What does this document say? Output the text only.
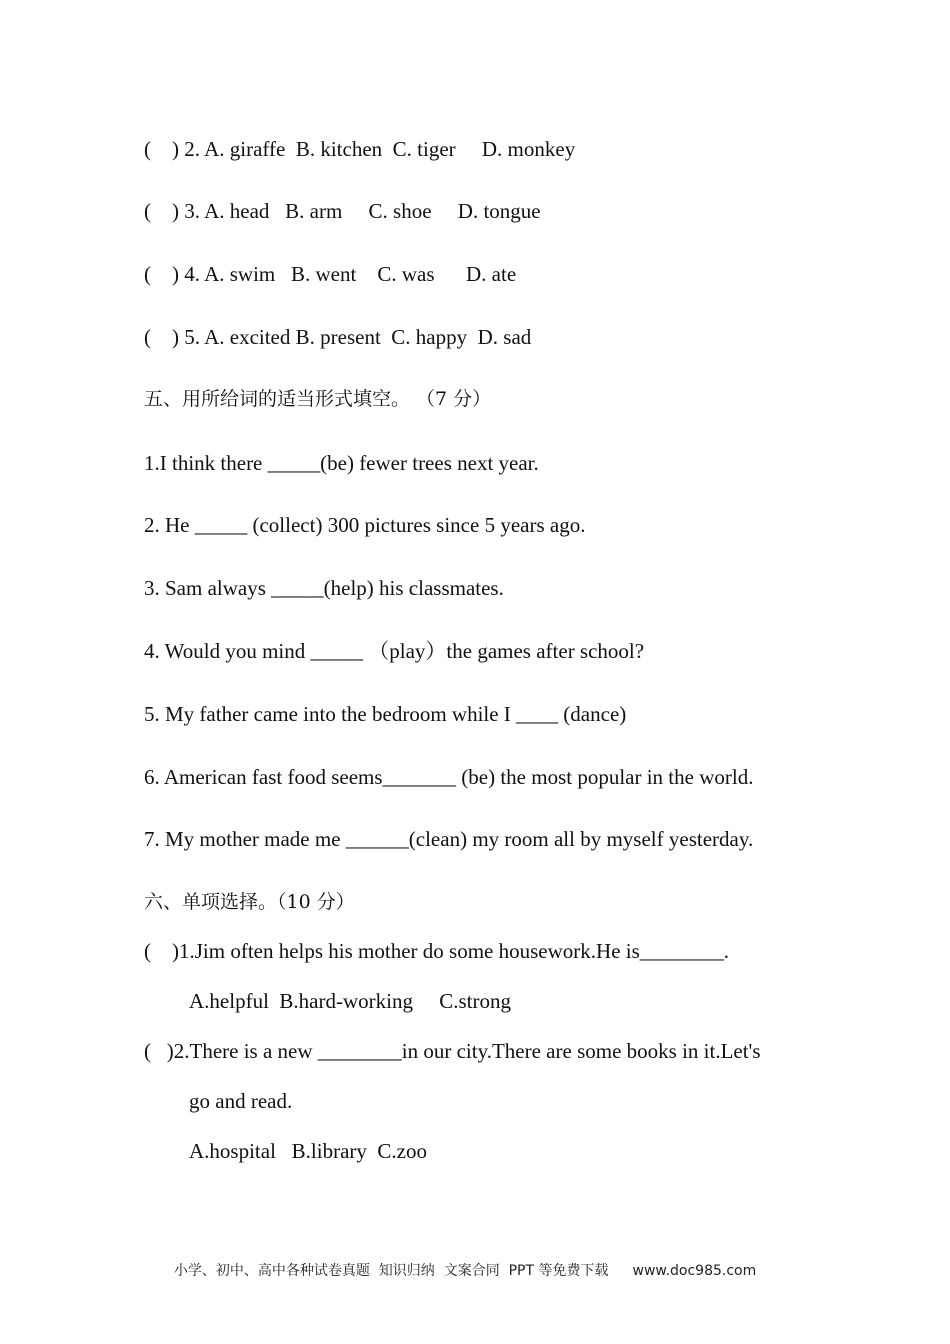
(    ) 2. A. giraffe  B. kitchen  C. tiger     D. monkey
(    ) 3. A. head   B. arm     C. shoe     D. tongue
(    ) 4. A. swim   B. went    C. was      D. ate
(    ) 5. A. excited B. present  C. happy  D. sad
五、用所给词的适当形式填空。 （7 分）
1.I think there _____(be) fewer trees next year.
2. He _____ (collect) 300 pictures since 5 years ago.
3. Sam always _____(help) his classmates.
4. Would you mind _____ （play）the games after school?
5. My father came into the bedroom while I ____ (dance)
6. American fast food seems_______ (be) the most popular in the world.
7. My mother made me ______(clean) my room all by myself yesterday.
六、单项选择。（10 分）
(    )1.Jim often helps his mother do some housework.He is________.
A.helpful  B.hard-working     C.strong
(   )2.There is a new ________in our city.There are some books in it.Let's
go and read.
A.hospital   B.library  C.zoo

小学、初中、高中各种试卷真题  知识归纳  文案合同  PPT 等免费下载 www.doc985.com
